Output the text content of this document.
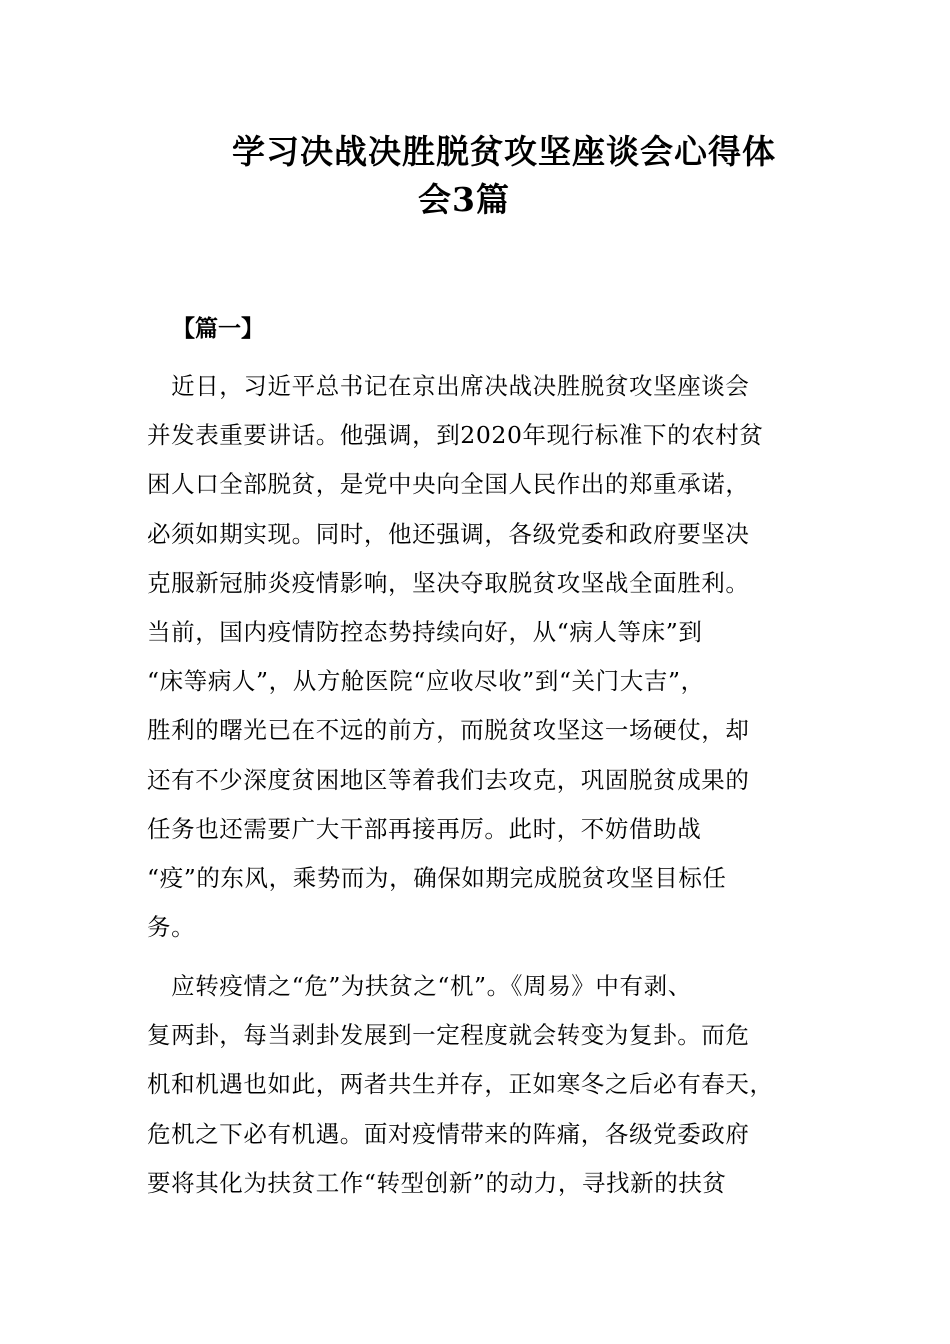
学习决战决胜脱贫攻坚座谈会心得体
会3篇
【篇一】
　近日，习近平总书记在京出席决战决胜脱贫攻坚座谈会
并发表重要讲话。他强调，到2020年现行标准下的农村贫
困人口全部脱贫，是党中央向全国人民作出的郑重承诺，
必须如期实现。同时，他还强调，各级党委和政府要坚决
克服新冠肺炎疫情影响，坚决夺取脱贫攻坚战全面胜利。
当前，国内疫情防控态势持续向好，从“病人等床”到
“床等病人”，从方舱医院“应收尽收”到“关门大吉”，
胜利的曙光已在不远的前方，而脱贫攻坚这一场硬仗，却
还有不少深度贫困地区等着我们去攻克，巩固脱贫成果的
任务也还需要广大干部再接再厉。此时，不妨借助战
“疫”的东风，乘势而为，确保如期完成脱贫攻坚目标任
务。
　应转疫情之“危”为扶贫之“机”。《周易》中有剥、
复两卦，每当剥卦发展到一定程度就会转变为复卦。而危
机和机遇也如此，两者共生并存，正如寒冬之后必有春天，
危机之下必有机遇。面对疫情带来的阵痛，各级党委政府
要将其化为扶贫工作“转型创新”的动力，寻找新的扶贫
